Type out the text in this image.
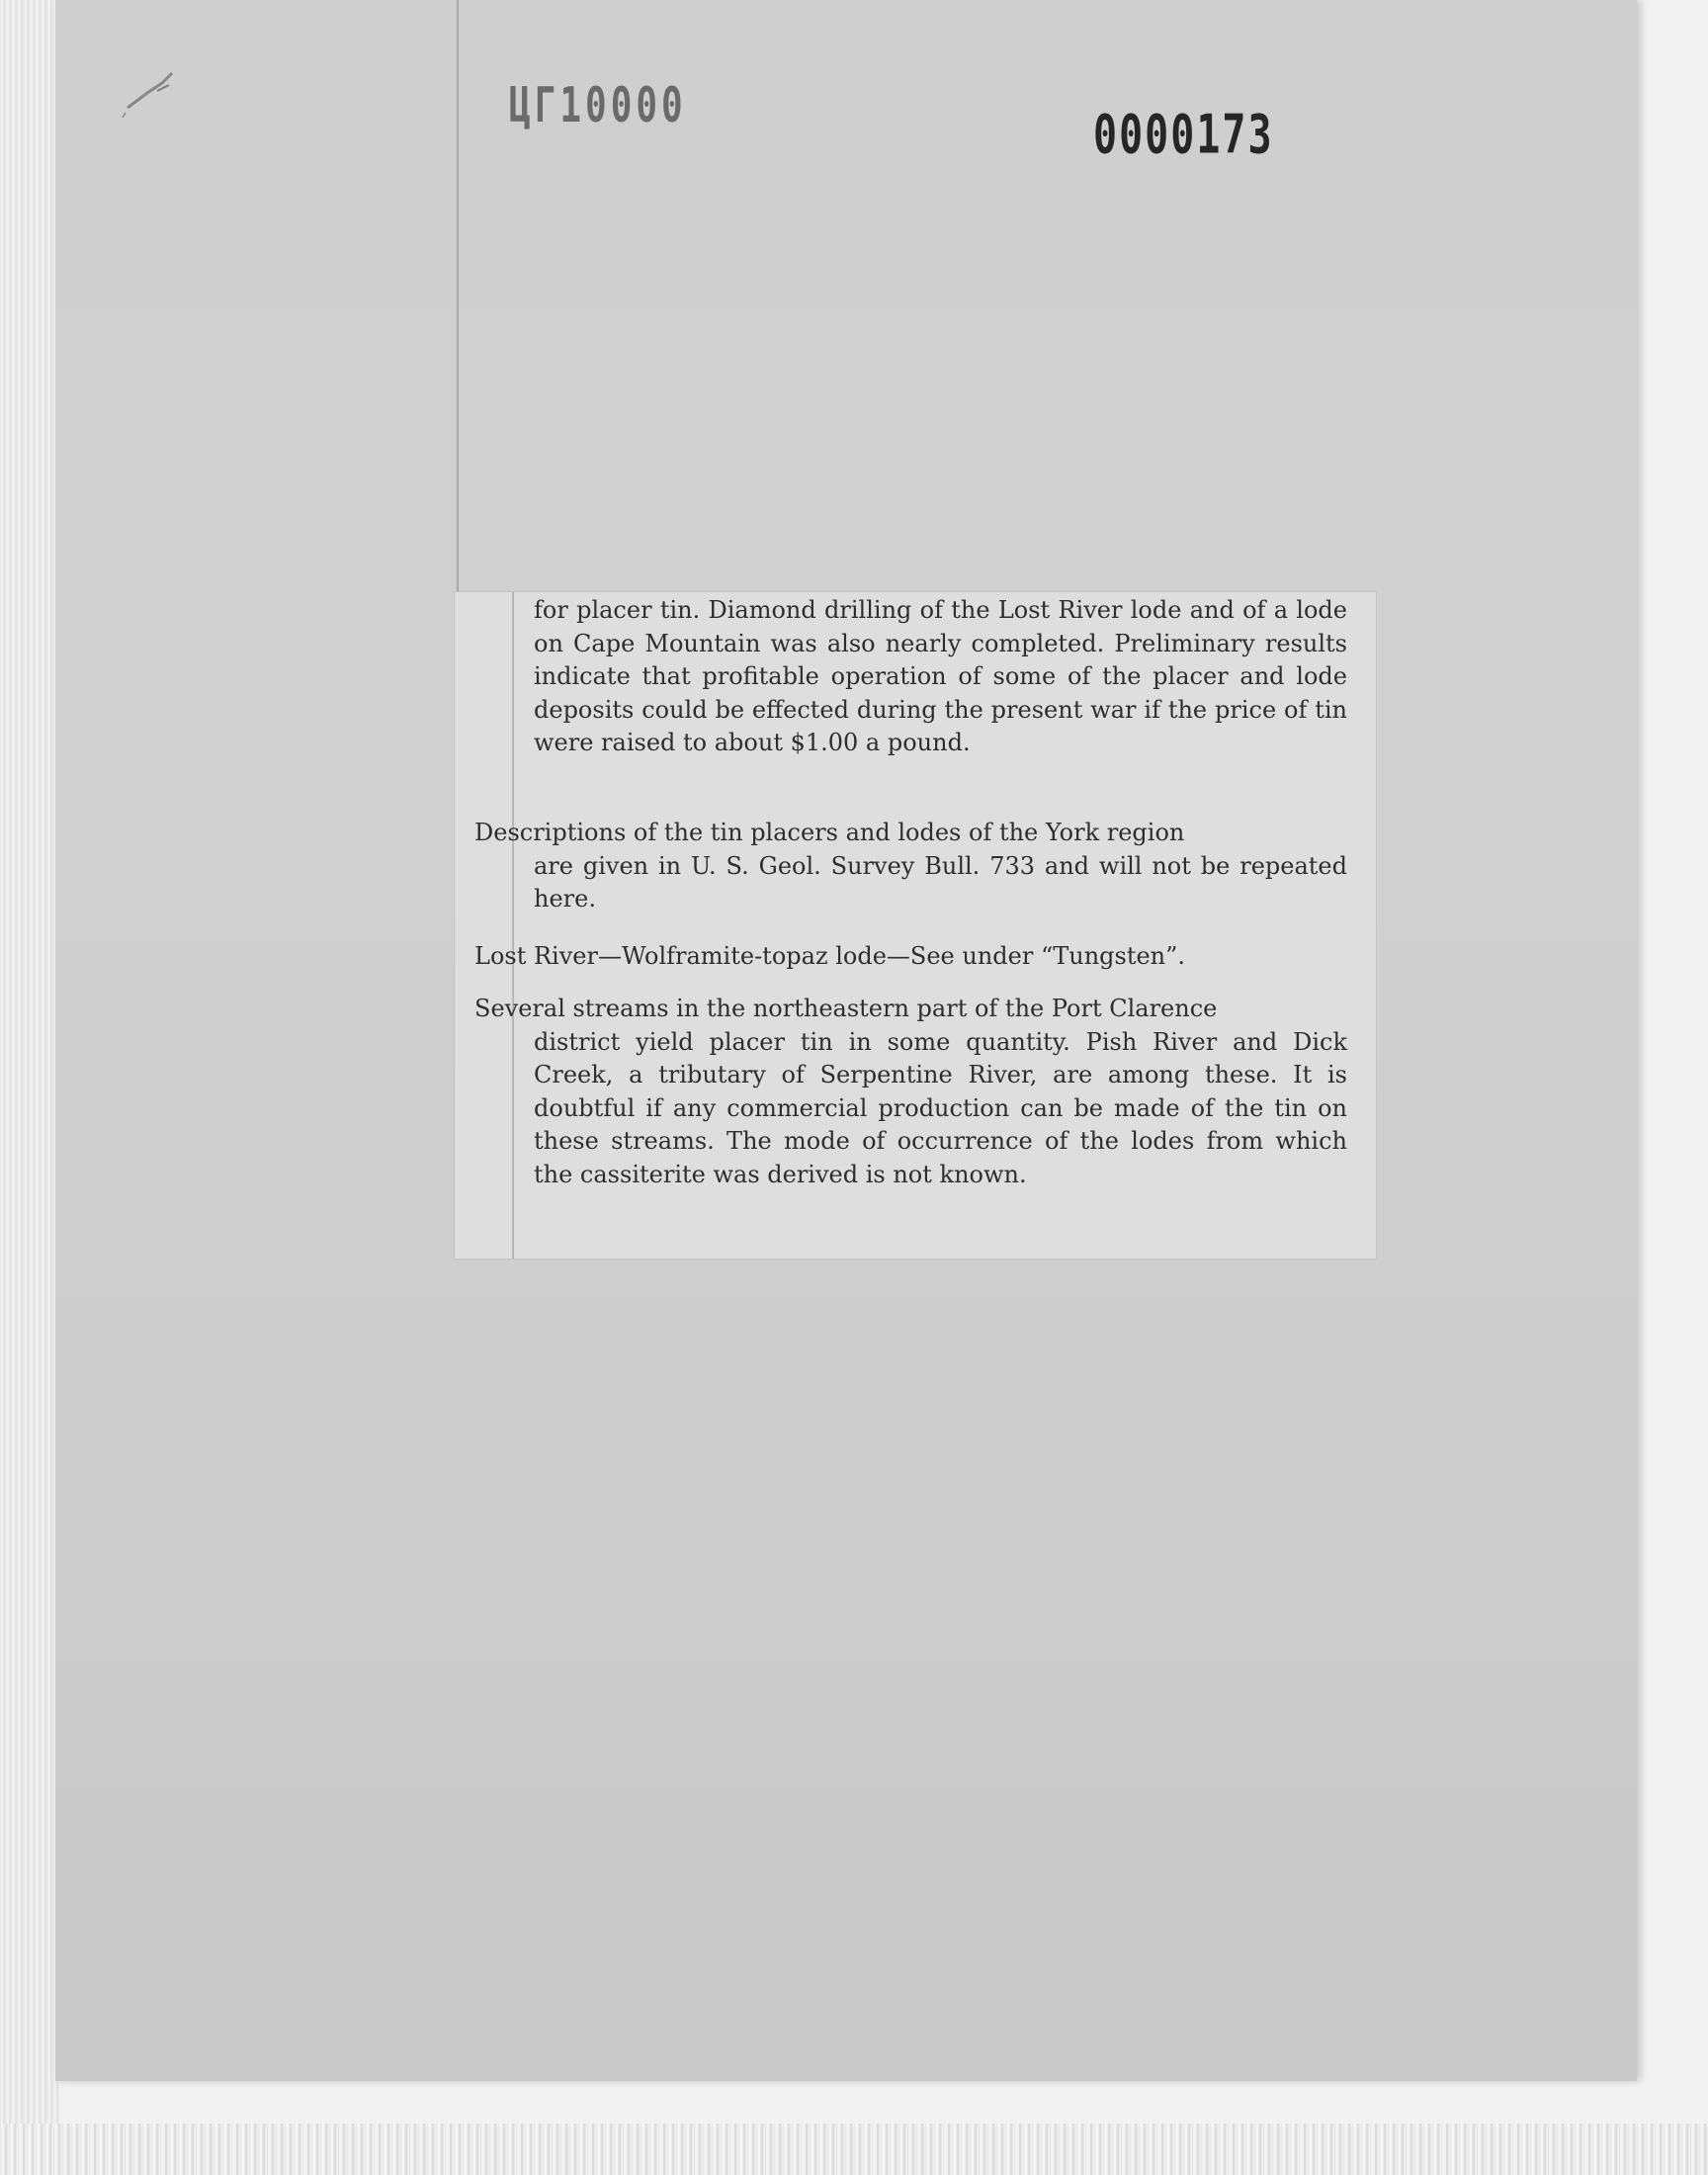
ЦГ10000	0000173
for placer tin. Diamond drilling of the Lost River lode and of a lode on Cape Mountain was also nearly completed. Preliminary results indicate that profitable operation of some of the placer and lode deposits could be effected during the present war if the price of tin were raised to about $1.00 a pound.
Descriptions of the tin placers and lodes of the York region
are given in U. S. Geol. Survey Bull. 733 and will not be repeated here.
Lost River—Wolframite-topaz lode—See under “Tungsten”.
Several streams in the northeastern part of the Port Clarence
district yield placer tin in some quantity. Pish River and Dick Creek, a tributary of Serpentine River, are among these. It is doubtful if any commercial production can be made of the tin on these streams. The mode of occurrence of the lodes from which the cassiterite was derived is not known.
